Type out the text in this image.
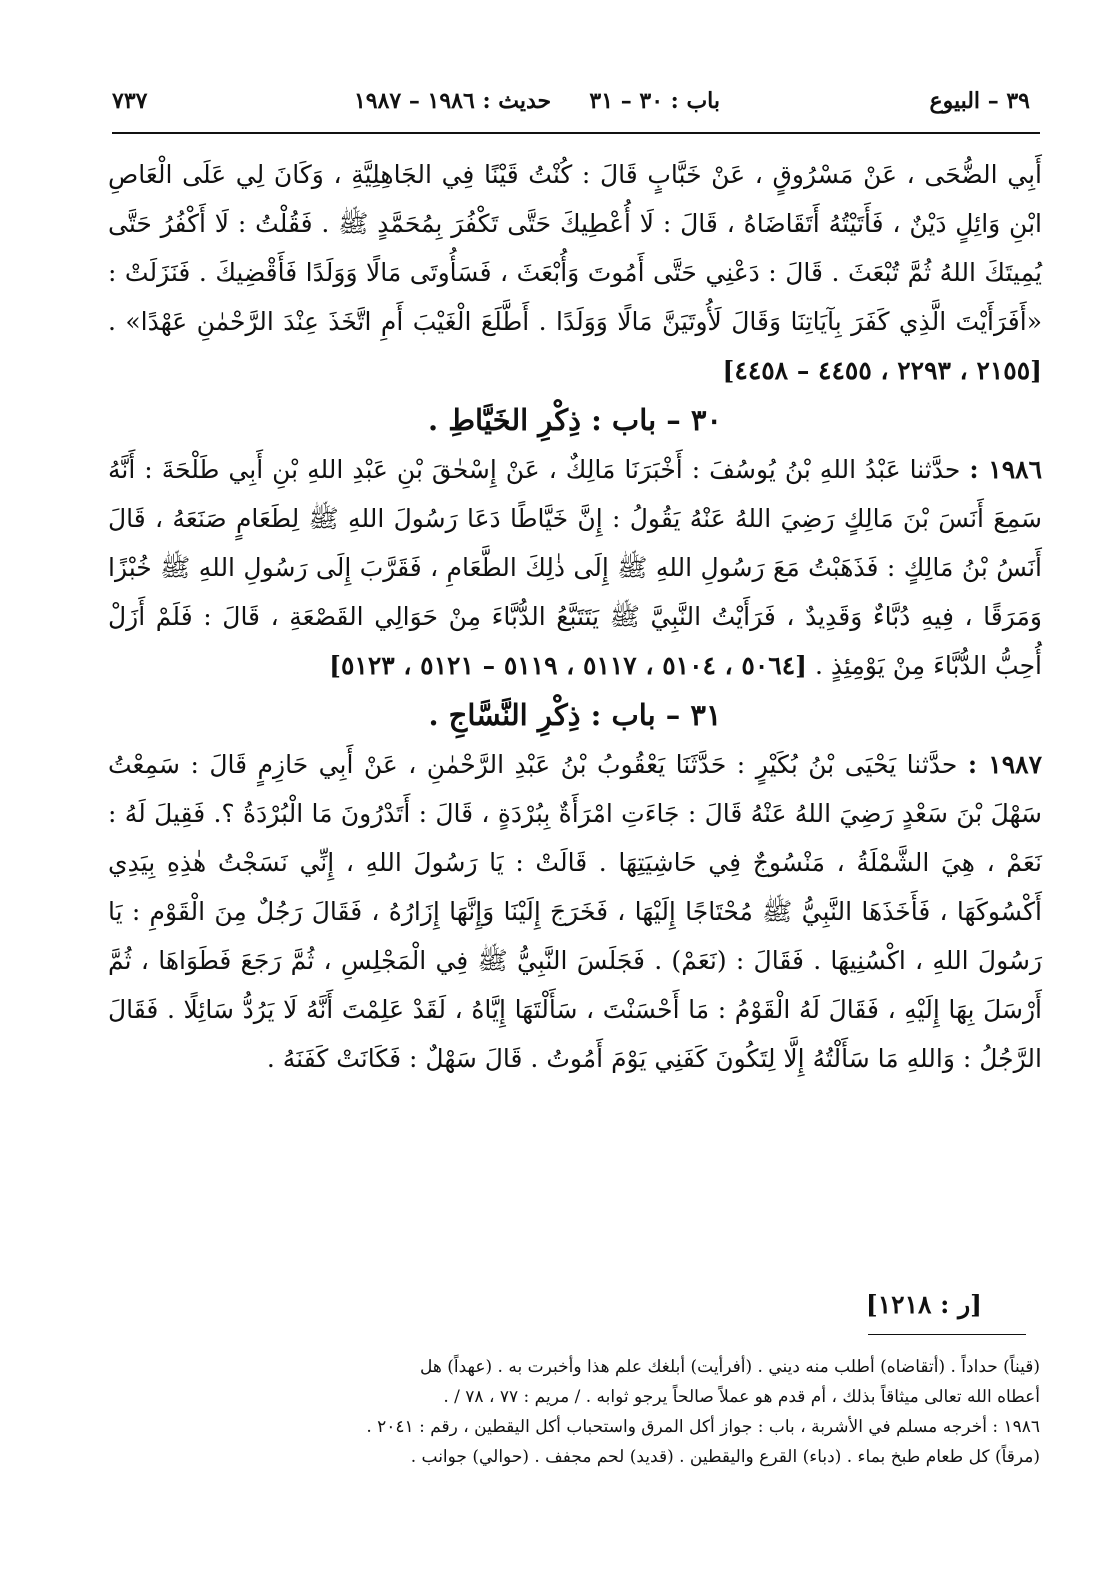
٣٩ – البيوع
باب : ٣٠ – ٣١     حديث : ١٩٨٦ – ١٩٨٧
٧٣٧

أَبِي الضُّحَى ، عَنْ مَسْرُوقٍ ، عَنْ خَبَّابٍ قَالَ : كُنْتُ قَيْنًا فِي الجَاهِلِيَّةِ ، وَكَانَ لِي عَلَى الْعَاصِ ابْنِ وَائِلٍ دَيْنٌ ، فَأَتَيْتُهُ أَتَقَاضَاهُ ، قَالَ : لَا أُعْطِيكَ حَتَّى تَكْفُرَ بِمُحَمَّدٍ ﷺ . فَقُلْتُ : لَا أَكْفُرُ حَتَّى يُمِيتَكَ اللهُ ثُمَّ تُبْعَثَ . قَالَ : دَعْنِي حَتَّى أَمُوتَ وَأُبْعَثَ ، فَسَأُوتَى مَالًا وَوَلَدًا فَأَقْضِيكَ . فَنَزَلَتْ : «أَفَرَأَيْتَ الَّذِي كَفَرَ بِآيَاتِنَا وَقَالَ لَأُوتَيَنَّ مَالًا وَوَلَدًا . أَطَّلَعَ الْغَيْبَ أَمِ اتَّخَذَ عِنْدَ الرَّحْمٰنِ عَهْدًا» . [٢١٥٥ ، ٢٢٩٣ ، ٤٤٥٥ – ٤٤٥٨]

٣٠ – باب : ذِكْرِ الخَيَّاطِ .

١٩٨٦ : حدَّثنا عَبْدُ اللهِ بْنُ يُوسُفَ : أَخْبَرَنَا مَالِكٌ ، عَنْ إِسْحٰقَ بْنِ عَبْدِ اللهِ بْنِ أَبِي طَلْحَةَ : أَنَّهُ سَمِعَ أَنَسَ بْنَ مَالِكٍ رَضِيَ اللهُ عَنْهُ يَقُولُ : إِنَّ خَيَّاطًا دَعَا رَسُولَ اللهِ ﷺ لِطَعَامٍ صَنَعَهُ ، قَالَ أَنَسُ بْنُ مَالِكٍ : فَذَهَبْتُ مَعَ رَسُولِ اللهِ ﷺ إِلَى ذٰلِكَ الطَّعَامِ ، فَقَرَّبَ إِلَى رَسُولِ اللهِ ﷺ خُبْزًا وَمَرَقًا ، فِيهِ دُبَّاءٌ وَقَدِيدٌ ، فَرَأَيْتُ النَّبِيَّ ﷺ يَتَتَبَّعُ الدُّبَّاءَ مِنْ حَوَالِي القَصْعَةِ ، قَالَ : فَلَمْ أَزَلْ أُحِبُّ الدُّبَّاءَ مِنْ يَوْمِئِذٍ . [٥٠٦٤ ، ٥١٠٤ ، ٥١١٧ ، ٥١١٩ – ٥١٢١ ، ٥١٢٣]

٣١ – باب : ذِكْرِ النَّسَّاجِ .

١٩٨٧ : حدَّثنا يَحْيَى بْنُ بُكَيْرٍ : حَدَّثَنَا يَعْقُوبُ بْنُ عَبْدِ الرَّحْمٰنِ ، عَنْ أَبِي حَازِمٍ قَالَ : سَمِعْتُ سَهْلَ بْنَ سَعْدٍ رَضِيَ اللهُ عَنْهُ قَالَ : جَاءَتِ امْرَأَةٌ بِبُرْدَةٍ ، قَالَ : أَتَدْرُونَ مَا الْبُرْدَةُ ؟. فَقِيلَ لَهُ : نَعَمْ ، هِيَ الشَّمْلَةُ ، مَنْسُوجٌ فِي حَاشِيَتِهَا . قَالَتْ : يَا رَسُولَ اللهِ ، إِنِّي نَسَجْتُ هٰذِهِ بِيَدِي أَكْسُوكَهَا ، فَأَخَذَهَا النَّبِيُّ ﷺ مُحْتَاجًا إِلَيْهَا ، فَخَرَجَ إِلَيْنَا وَإِنَّهَا إِزَارُهُ ، فَقَالَ رَجُلٌ مِنَ الْقَوْمِ : يَا رَسُولَ اللهِ ، اكْسُنِيهَا . فَقَالَ : (نَعَمْ) . فَجَلَسَ النَّبِيُّ ﷺ فِي الْمَجْلِسِ ، ثُمَّ رَجَعَ فَطَوَاهَا ، ثُمَّ أَرْسَلَ بِهَا إِلَيْهِ ، فَقَالَ لَهُ الْقَوْمُ : مَا أَحْسَنْتَ ، سَأَلْتَهَا إِيَّاهُ ، لَقَدْ عَلِمْتَ أَنَّهُ لَا يَرُدُّ سَائِلًا . فَقَالَ الرَّجُلُ : وَاللهِ مَا سَأَلْتُهُ إِلَّا لِتَكُونَ كَفَنِي يَوْمَ أَمُوتُ . قَالَ سَهْلٌ : فَكَانَتْ كَفَنَهُ .

[ر : ١٢١٨]

(قيناً) حداداً . (أتقاضاه) أطلب منه ديني . (أفرأيت) أبلغك علم هذا وأخبرت به . (عهداً) هل

أعطاه الله تعالى ميثاقاً بذلك ، أم قدم هو عملاً صالحاً يرجو ثوابه . / مريم : ٧٧ ، ٧٨ / .

١٩٨٦ : أخرجه مسلم في الأشربة ، باب : جواز أكل المرق واستحباب أكل اليقطين ، رقم : ٢٠٤١ .

(مرقاً) كل طعام طبخ بماء . (دباء) القرع واليقطين . (قديد) لحم مجفف . (حوالي) جوانب .
